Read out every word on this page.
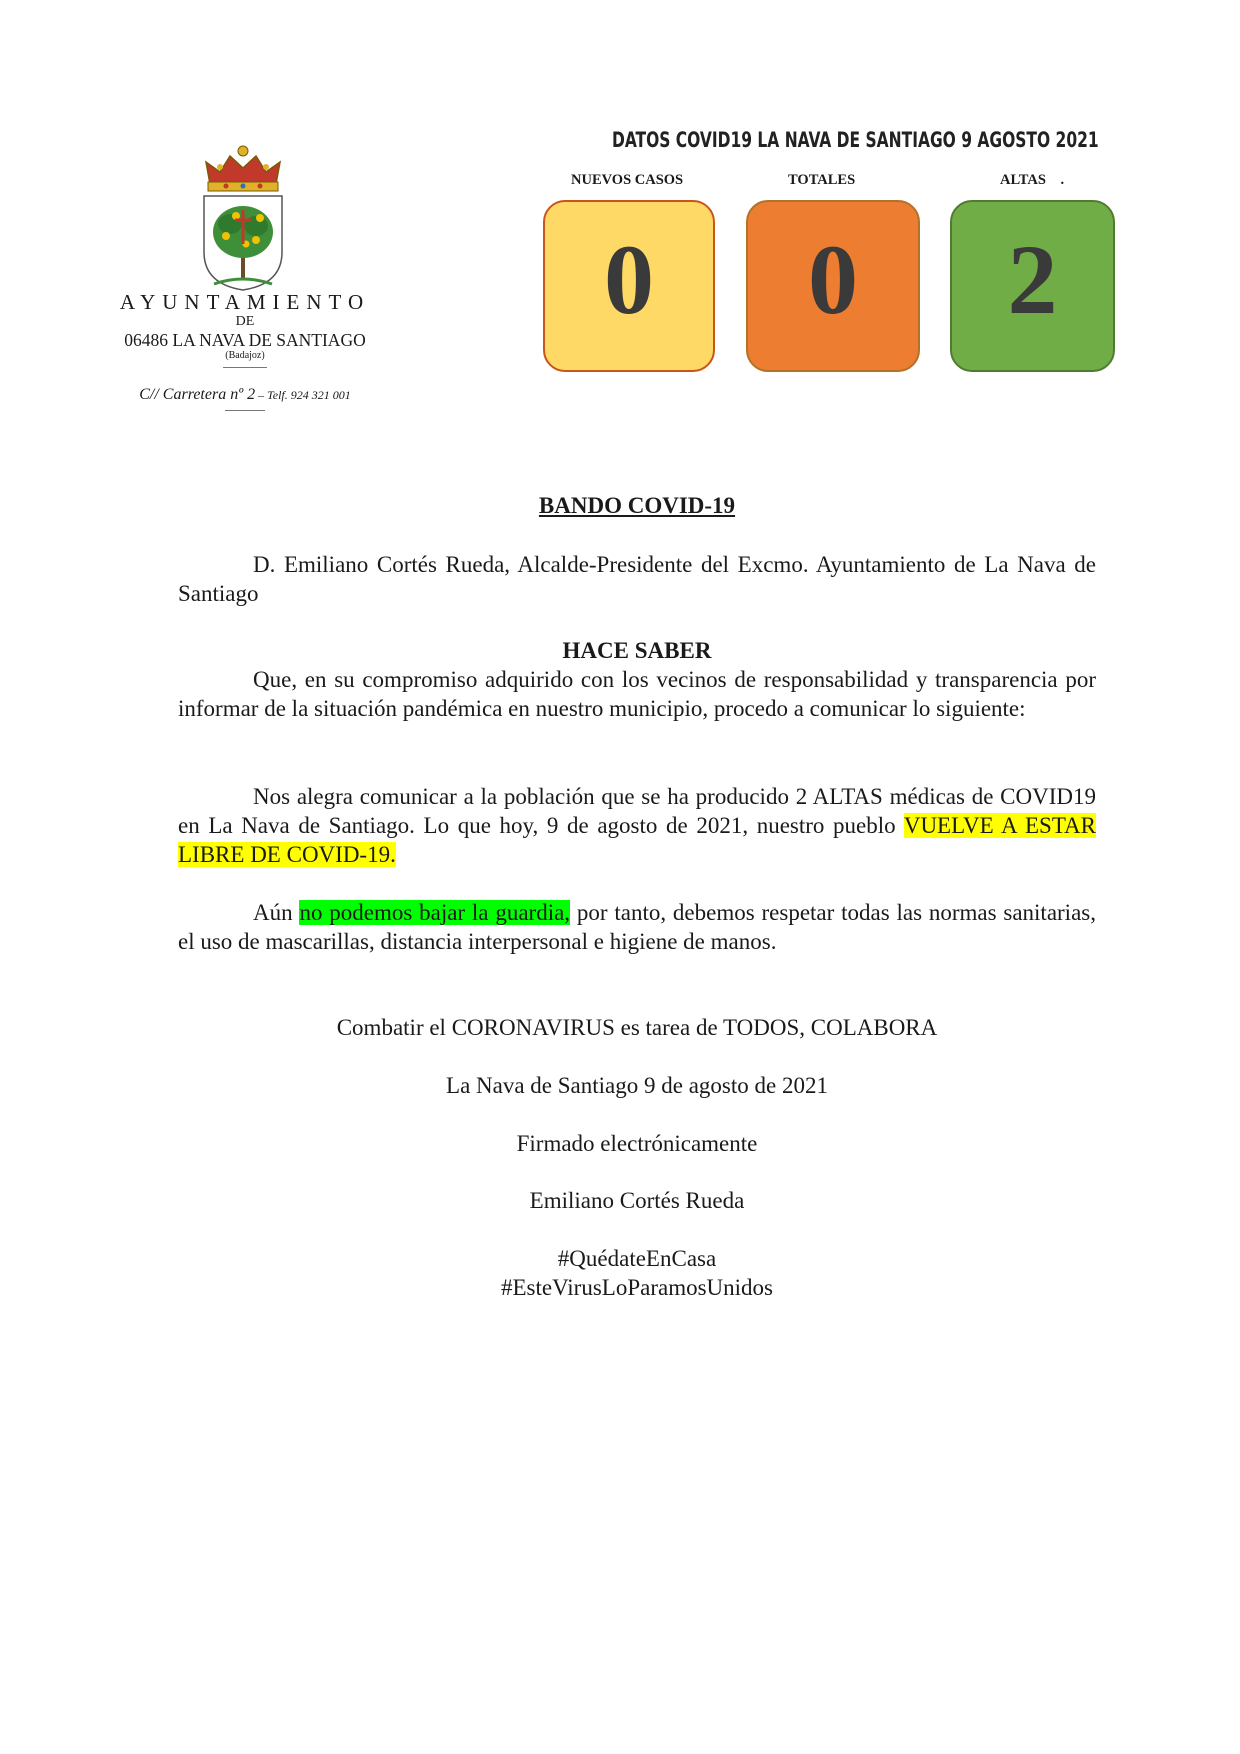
AYUNTAMIENTO
DE
06486 LA NAVA DE SANTIAGO
(Badajoz)
C// Carretera nº 2 – Telf. 924 321 001
DATOS COVID19 LA NAVA DE SANTIAGO 9 AGOSTO 2021
NUEVOS CASOS	TOTALES	ALTAS    .
0 0 2
BANDO COVID-19
D. Emiliano Cortés Rueda, Alcalde-Presidente del Excmo. Ayuntamiento de La Nava de Santiago
HACE SABER
Que, en su compromiso adquirido con los vecinos de responsabilidad y transparencia por informar de la situación pandémica en nuestro municipio, procedo a comunicar lo siguiente:
Nos alegra comunicar a la población que se ha producido 2 ALTAS médicas de COVID19 en La Nava de Santiago. Lo que hoy, 9 de agosto de 2021, nuestro pueblo VUELVE A ESTAR LIBRE DE COVID-19.
Aún no podemos bajar la guardia, por tanto, debemos respetar todas las normas sanitarias, el uso de mascarillas, distancia interpersonal e higiene de manos.
Combatir el CORONAVIRUS es tarea de TODOS, COLABORA
La Nava de Santiago 9 de agosto de 2021
Firmado electrónicamente
Emiliano Cortés Rueda
#QuédateEnCasa
#EsteVirusLoParamosUnidos
